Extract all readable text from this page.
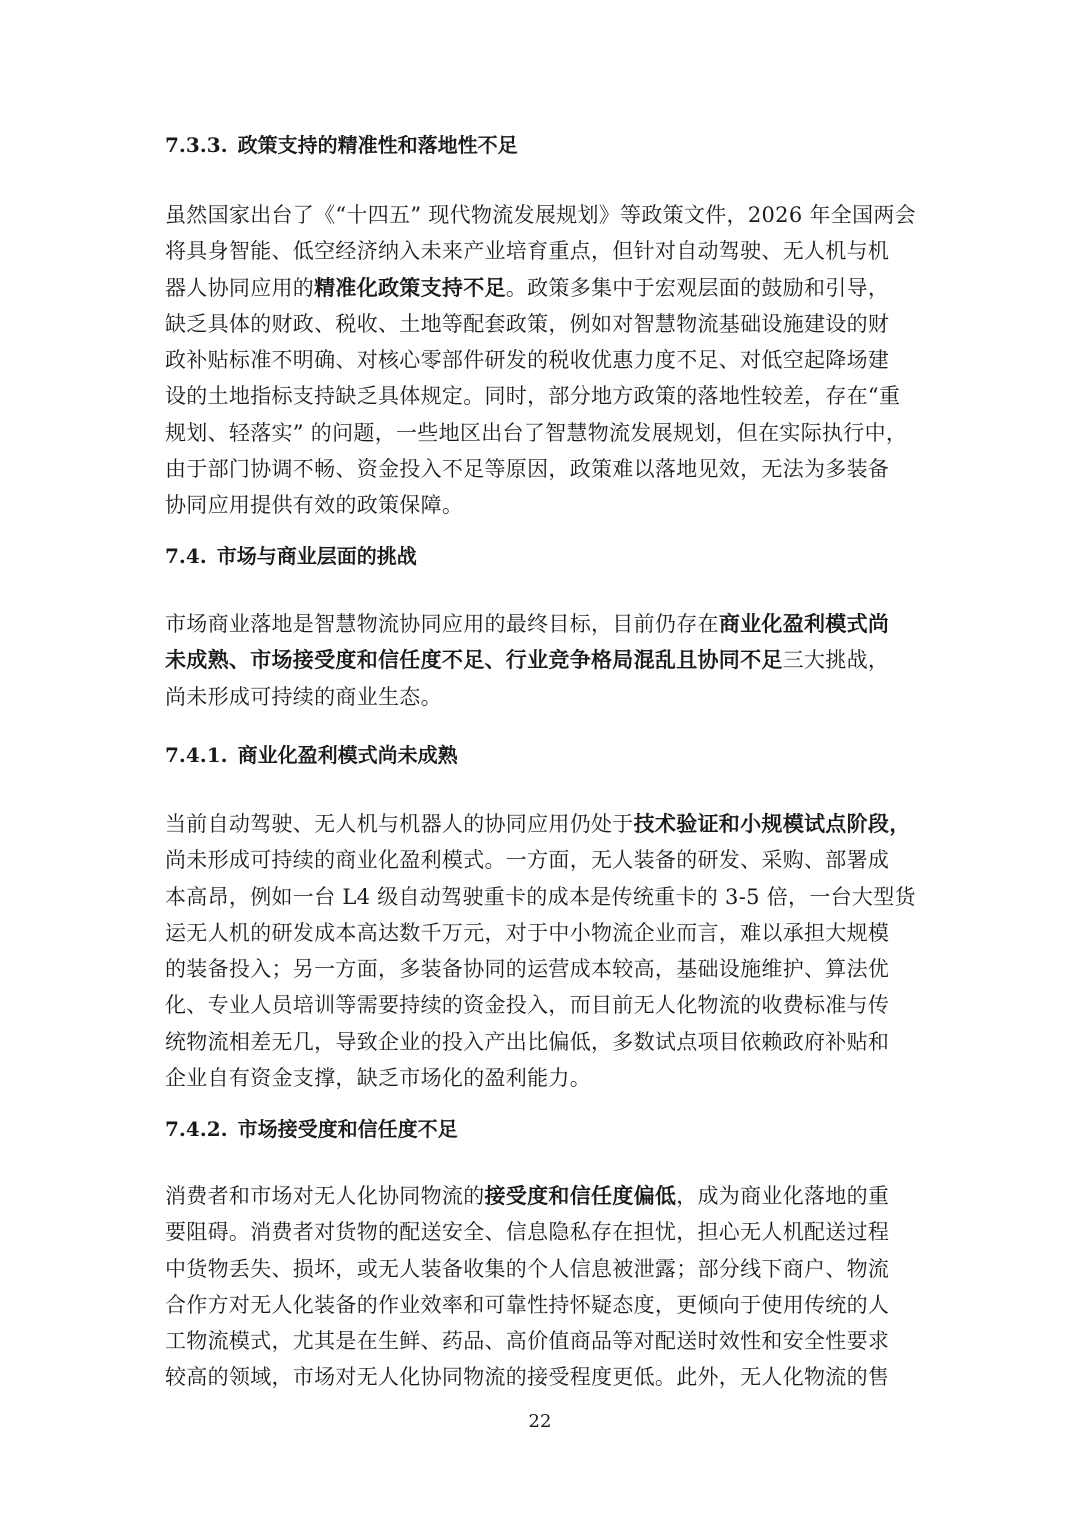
7.3.3. 政策支持的精准性和落地性不足
虽然国家出台了《“十四五” 现代物流发展规划》等政策文件，2026 年全国两会
将具身智能、低空经济纳入未来产业培育重点，但针对自动驾驶、无人机与机
器人协同应用的精准化政策支持不足。政策多集中于宏观层面的鼓励和引导，
缺乏具体的财政、税收、土地等配套政策，例如对智慧物流基础设施建设的财
政补贴标准不明确、对核心零部件研发的税收优惠力度不足、对低空起降场建
设的土地指标支持缺乏具体规定。同时，部分地方政策的落地性较差，存在“重
规划、轻落实” 的问题，一些地区出台了智慧物流发展规划，但在实际执行中，
由于部门协调不畅、资金投入不足等原因，政策难以落地见效，无法为多装备
协同应用提供有效的政策保障。
7.4. 市场与商业层面的挑战
市场商业落地是智慧物流协同应用的最终目标，目前仍存在商业化盈利模式尚
未成熟、市场接受度和信任度不足、行业竞争格局混乱且协同不足三大挑战，
尚未形成可持续的商业生态。
7.4.1. 商业化盈利模式尚未成熟
当前自动驾驶、无人机与机器人的协同应用仍处于技术验证和小规模试点阶段，
尚未形成可持续的商业化盈利模式。一方面，无人装备的研发、采购、部署成
本高昂，例如一台 L4 级自动驾驶重卡的成本是传统重卡的 3-5 倍，一台大型货
运无人机的研发成本高达数千万元，对于中小物流企业而言，难以承担大规模
的装备投入；另一方面，多装备协同的运营成本较高，基础设施维护、算法优
化、专业人员培训等需要持续的资金投入，而目前无人化物流的收费标准与传
统物流相差无几，导致企业的投入产出比偏低，多数试点项目依赖政府补贴和
企业自有资金支撑，缺乏市场化的盈利能力。
7.4.2. 市场接受度和信任度不足
消费者和市场对无人化协同物流的接受度和信任度偏低，成为商业化落地的重
要阻碍。消费者对货物的配送安全、信息隐私存在担忧，担心无人机配送过程
中货物丢失、损坏，或无人装备收集的个人信息被泄露；部分线下商户、物流
合作方对无人化装备的作业效率和可靠性持怀疑态度，更倾向于使用传统的人
工物流模式，尤其是在生鲜、药品、高价值商品等对配送时效性和安全性要求
较高的领域，市场对无人化协同物流的接受程度更低。此外，无人化物流的售
22
